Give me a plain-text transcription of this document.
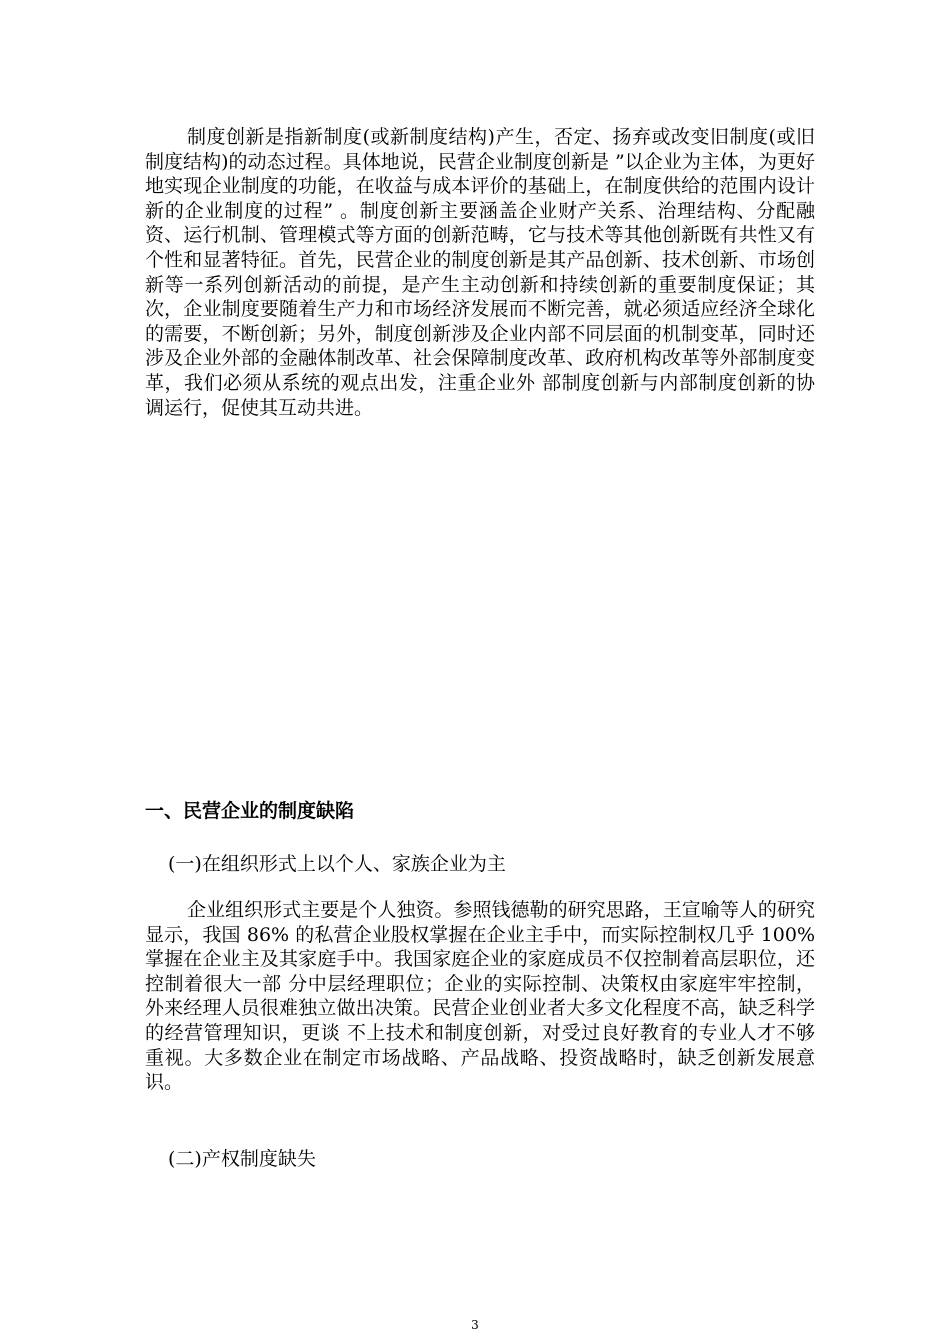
制度创新是指新制度(或新制度结构)产生，否定、扬弃或改变旧制度(或旧制度结构)的动态过程。具体地说，民营企业制度创新是 ”以企业为主体，为更好地实现企业制度的功能，在收益与成本评价的基础上，在制度供给的范围内设计新的企业制度的过程” 。制度创新主要涵盖企业财产关系、治理结构、分配融资、运行机制、管理模式等方面的创新范畴，它与技术等其他创新既有共性又有个性和显著特征。首先，民营企业的制度创新是其产品创新、技术创新、市场创新等一系列创新活动的前提，是产生主动创新和持续创新的重要制度保证；其次，企业制度要随着生产力和市场经济发展而不断完善，就必须适应经济全球化的需要，不断创新；另外，制度创新涉及企业内部不同层面的机制变革，同时还涉及企业外部的金融体制改革、社会保障制度改革、政府机构改革等外部制度变革，我们必须从系统的观点出发，注重企业外 部制度创新与内部制度创新的协调运行，促使其互动共进。

一、民营企业的制度缺陷

(一)在组织形式上以个人、家族企业为主

企业组织形式主要是个人独资。参照钱德勒的研究思路，王宣喻等人的研究显示，我国 86% 的私营企业股权掌握在企业主手中，而实际控制权几乎 100%掌握在企业主及其家庭手中。我国家庭企业的家庭成员不仅控制着高层职位，还控制着很大一部 分中层经理职位；企业的实际控制、决策权由家庭牢牢控制，外来经理人员很难独立做出决策。民营企业创业者大多文化程度不高，缺乏科学的经营管理知识，更谈 不上技术和制度创新，对受过良好教育的专业人才不够重视。大多数企业在制定市场战略、产品战略、投资战略时，缺乏创新发展意识。

(二)产权制度缺失

3
